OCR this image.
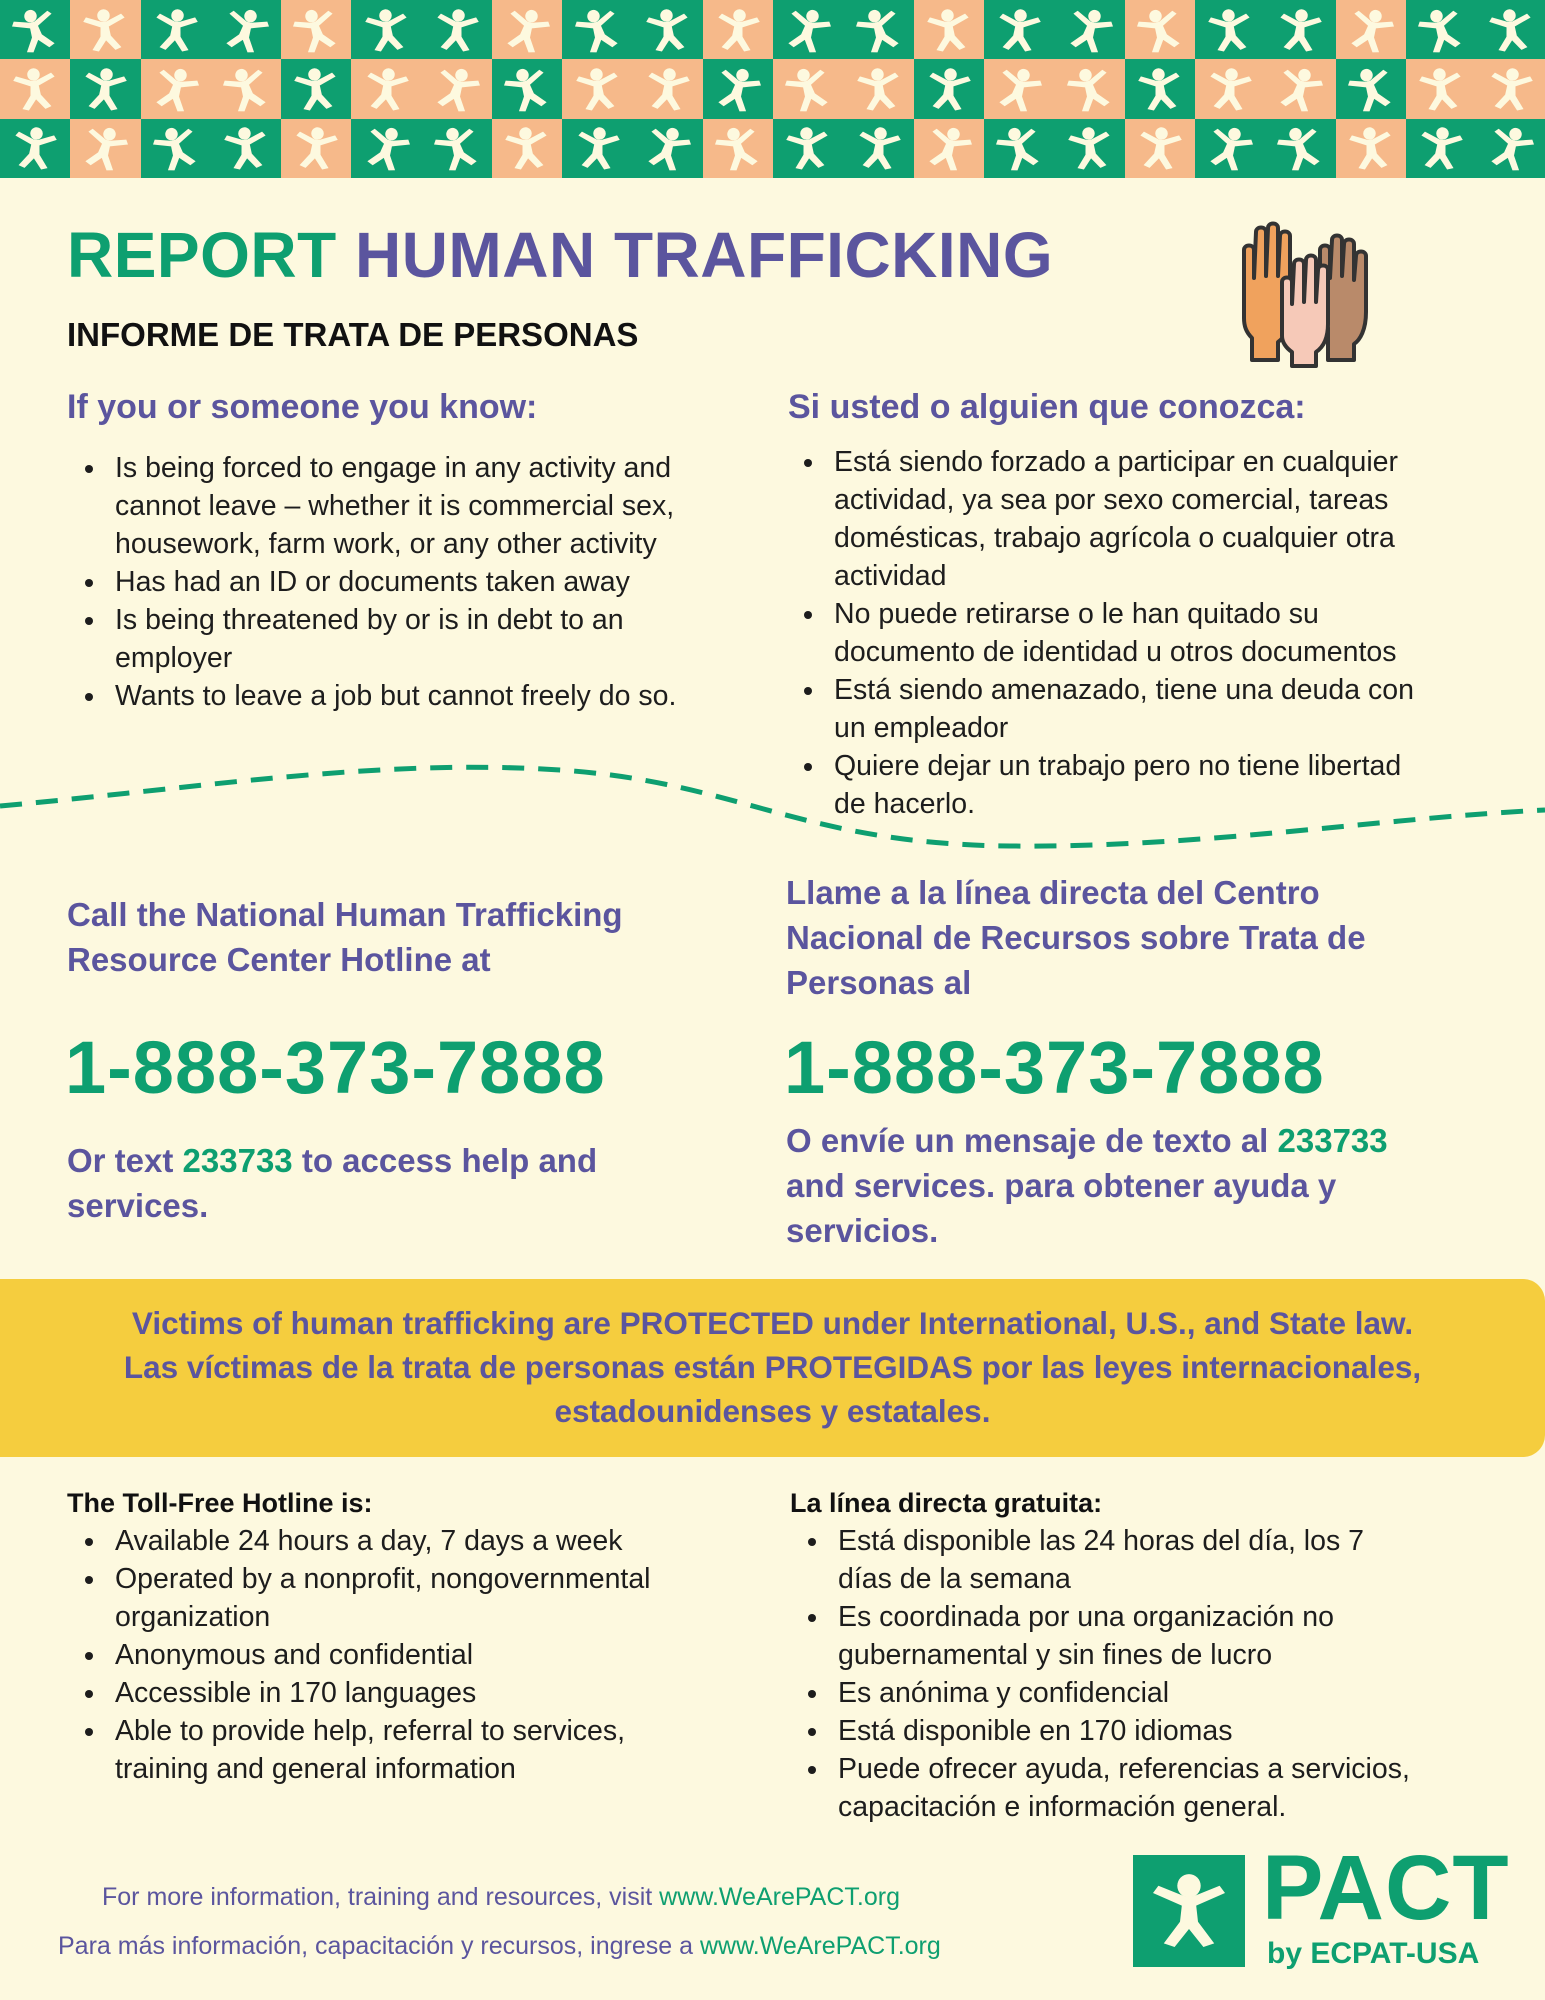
REPORT HUMAN TRAFFICKING
INFORME DE TRATA DE PERSONAS
If you or someone you know:	Si usted o alguien que conozca:
Is being forced to engage in any activity and
cannot leave – whether it is commercial sex,
housework, farm work, or any other activity
Has had an ID or documents taken away
Is being threatened by or is in debt to an
employer
Wants to leave a job but cannot freely do so.
Está siendo forzado a participar en cualquier
actividad, ya sea por sexo comercial, tareas
domésticas, trabajo agrícola o cualquier otra
actividad
No puede retirarse o le han quitado su
documento de identidad u otros documentos
Está siendo amenazado, tiene una deuda con
un empleador
Quiere dejar un trabajo pero no tiene libertad
de hacerlo.
Call the National Human Trafficking
Resource Center Hotline at
Llame a la línea directa del Centro
Nacional de Recursos sobre Trata de
Personas al
1-888-373-7888 1-888-373-7888
Or text 233733 to access help and
services.
O envíe un mensaje de texto al 233733
and services. para obtener ayuda y
servicios.
Victims of human trafficking are PROTECTED under International, U.S., and State law.
Las víctimas de la trata de personas están PROTEGIDAS por las leyes internacionales,
estadounidenses y estatales.
The Toll-Free Hotline is:	La línea directa gratuita:
Available 24 hours a day, 7 days a week
Operated by a nonprofit, nongovernmental
organization
Anonymous and confidential
Accessible in 170 languages
Able to provide help, referral to services,
training and general information
Está disponible las 24 horas del día, los 7
días de la semana
Es coordinada por una organización no
gubernamental y sin fines de lucro
Es anónima y confidencial
Está disponible en 170 idiomas
Puede ofrecer ayuda, referencias a servicios,
capacitación e información general.
For more information, training and resources, visit www.WeArePACT.org
Para más información, capacitación y recursos, ingrese a www.WeArePACT.org
PACT
by ECPAT-USA
